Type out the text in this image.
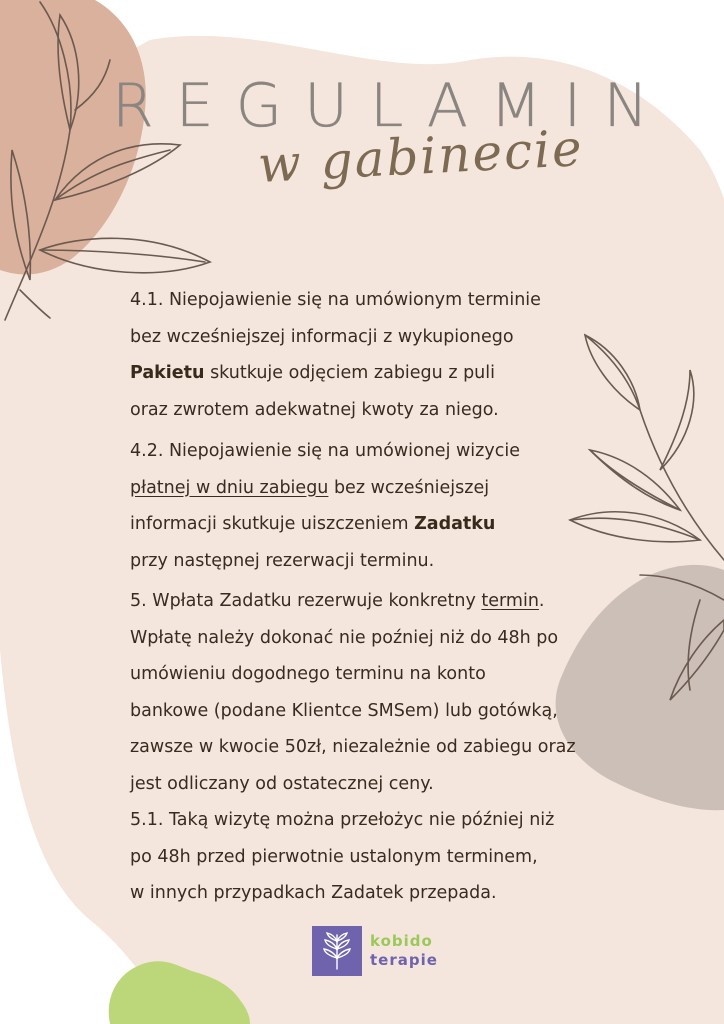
REGULAMIN
w gabinecie
4.1. Niepojawienie się na umówionym terminie
bez wcześniejszej informacji z wykupionego
Pakietu skutkuje odjęciem zabiegu z puli
oraz zwrotem adekwatnej kwoty za niego.
4.2. Niepojawienie się na umówionej wizycie
płatnej w dniu zabiegu bez wcześniejszej
informacji skutkuje uiszczeniem Zadatku
przy następnej rezerwacji terminu.
5. Wpłata Zadatku rezerwuje konkretny termin.
Wpłatę należy dokonać nie poźniej niż do 48h po
umówieniu dogodnego terminu na konto
bankowe (podane Klientce SMSem) lub gotówką,
zawsze w kwocie 50zł, niezależnie od zabiegu oraz
jest odliczany od ostatecznej ceny.
5.1. Taką wizytę można przełożyc nie później niż
po 48h przed pierwotnie ustalonym terminem,
w innych przypadkach Zadatek przepada.
kobido
terapie
